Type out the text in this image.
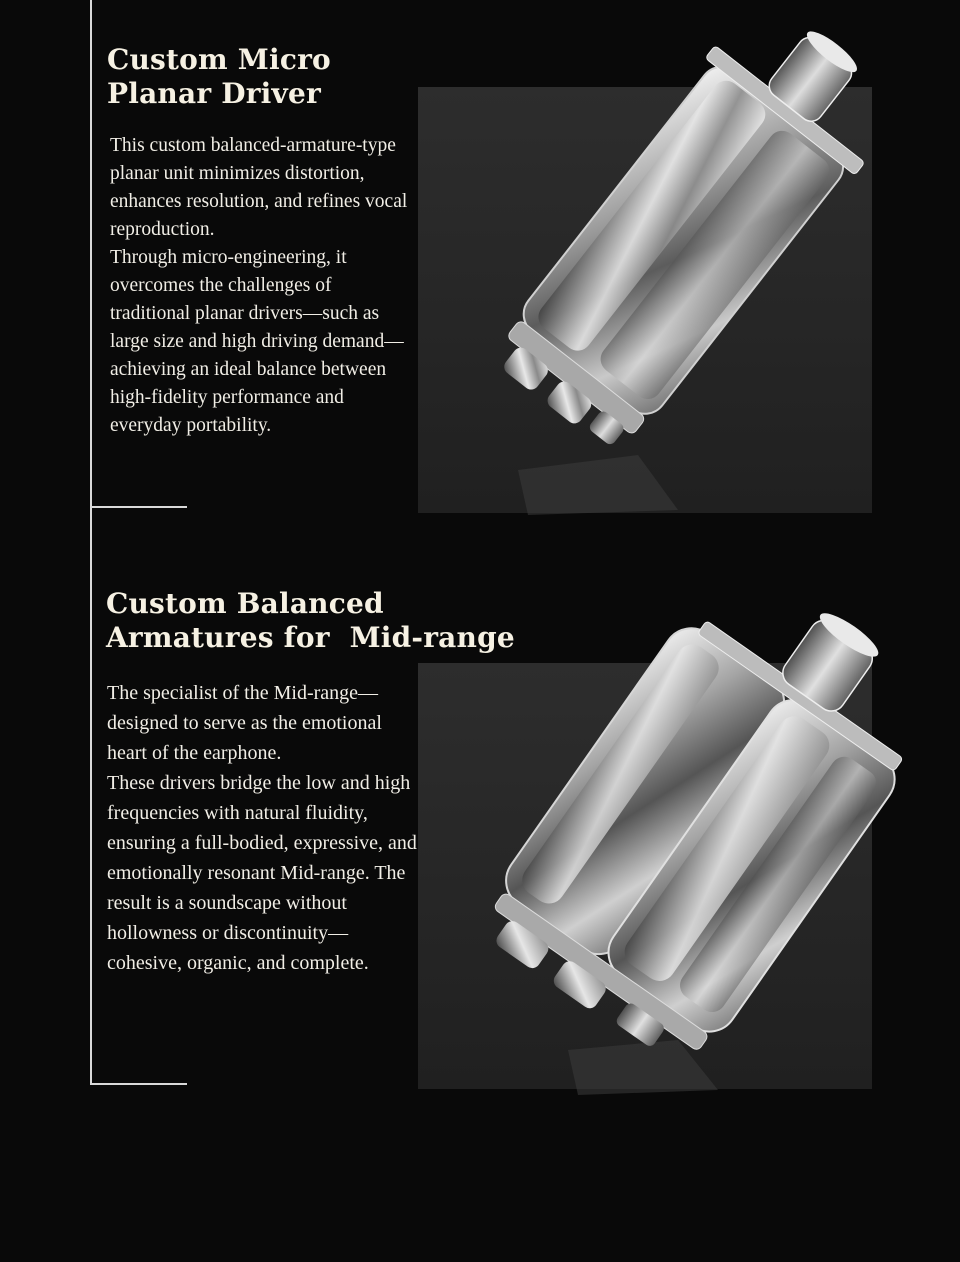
Custom Micro
Planar Driver

This custom balanced-armature-type planar unit minimizes distortion, enhances resolution, and refines vocal reproduction.

Through micro-engineering, it overcomes the challenges of traditional planar drivers—such as large size and high driving demand—achieving an ideal balance between high-fidelity performance and everyday portability.

Custom Balanced
Armatures for  Mid-range

The specialist of the Mid-range—designed to serve as the emotional heart of the earphone.

These drivers bridge the low and high frequencies with natural fluidity, ensuring a full-bodied, expressive, and emotionally resonant Mid-range. The result is a soundscape without hollowness or discontinuity—cohesive, organic, and complete.
